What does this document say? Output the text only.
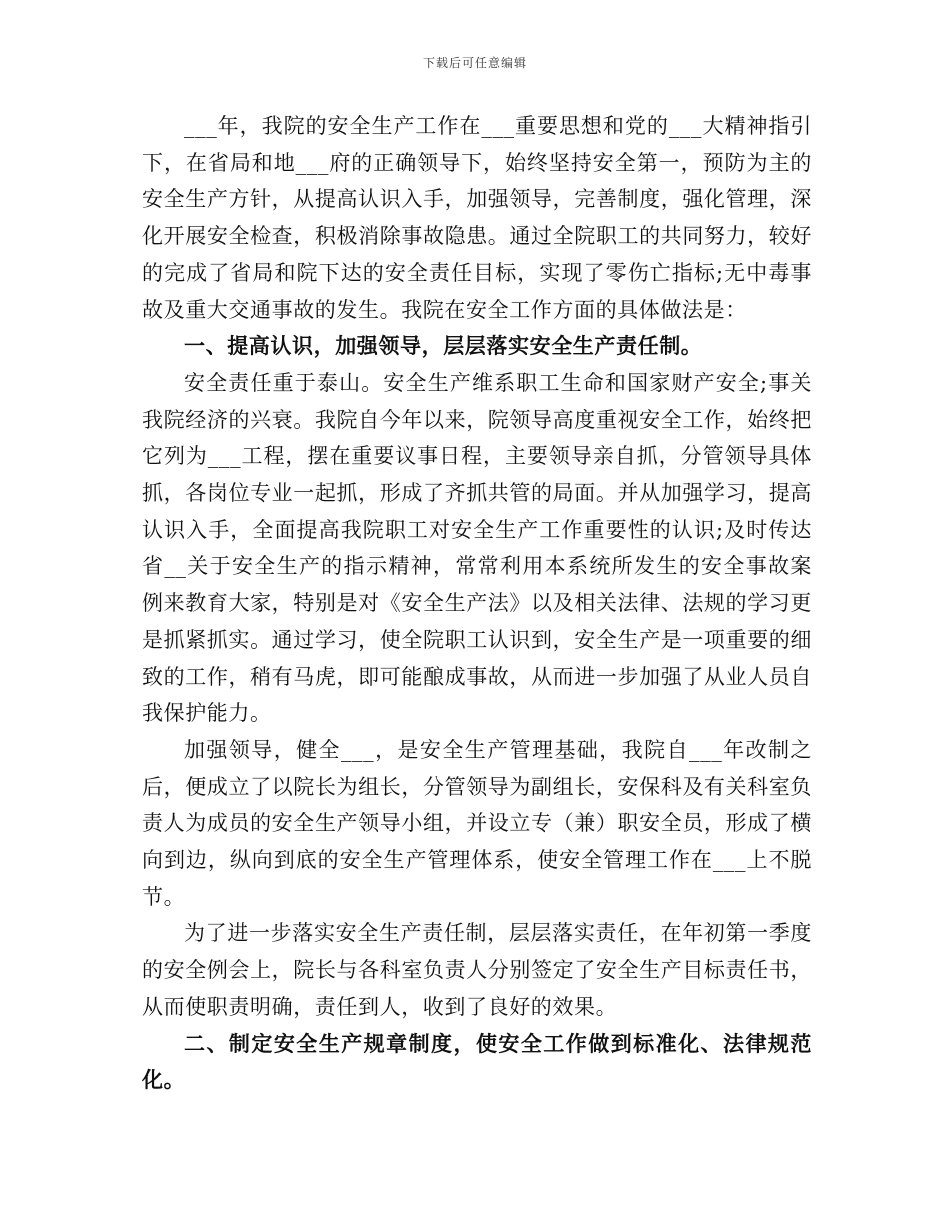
下载后可任意编辑

___年，我院的安全生产工作在___重要思想和党的___大精神指引下，在省局和地___府的正确领导下，始终坚持安全第一，预防为主的安全生产方针，从提高认识入手，加强领导，完善制度，强化管理，深化开展安全检查，积极消除事故隐患。通过全院职工的共同努力，较好的完成了省局和院下达的安全责任目标，实现了零伤亡指标;无中毒事故及重大交通事故的发生。我院在安全工作方面的具体做法是：

一、提高认识，加强领导，层层落实安全生产责任制。

安全责任重于泰山。安全生产维系职工生命和国家财产安全;事关我院经济的兴衰。我院自今年以来，院领导高度重视安全工作，始终把它列为___工程，摆在重要议事日程，主要领导亲自抓，分管领导具体抓，各岗位专业一起抓，形成了齐抓共管的局面。并从加强学习，提高认识入手，全面提高我院职工对安全生产工作重要性的认识;及时传达省__关于安全生产的指示精神，常常利用本系统所发生的安全事故案例来教育大家，特别是对《安全生产法》以及相关法律、法规的学习更是抓紧抓实。通过学习，使全院职工认识到，安全生产是一项重要的细致的工作，稍有马虎，即可能酿成事故，从而进一步加强了从业人员自我保护能力。

加强领导，健全___，是安全生产管理基础，我院自___年改制之后，便成立了以院长为组长，分管领导为副组长，安保科及有关科室负责人为成员的安全生产领导小组，并设立专（兼）职安全员，形成了横向到边，纵向到底的安全生产管理体系，使安全管理工作在___上不脱节。

为了进一步落实安全生产责任制，层层落实责任，在年初第一季度的安全例会上，院长与各科室负责人分别签定了安全生产目标责任书，从而使职责明确，责任到人，收到了良好的效果。

二、制定安全生产规章制度，使安全工作做到标准化、法律规范化。
